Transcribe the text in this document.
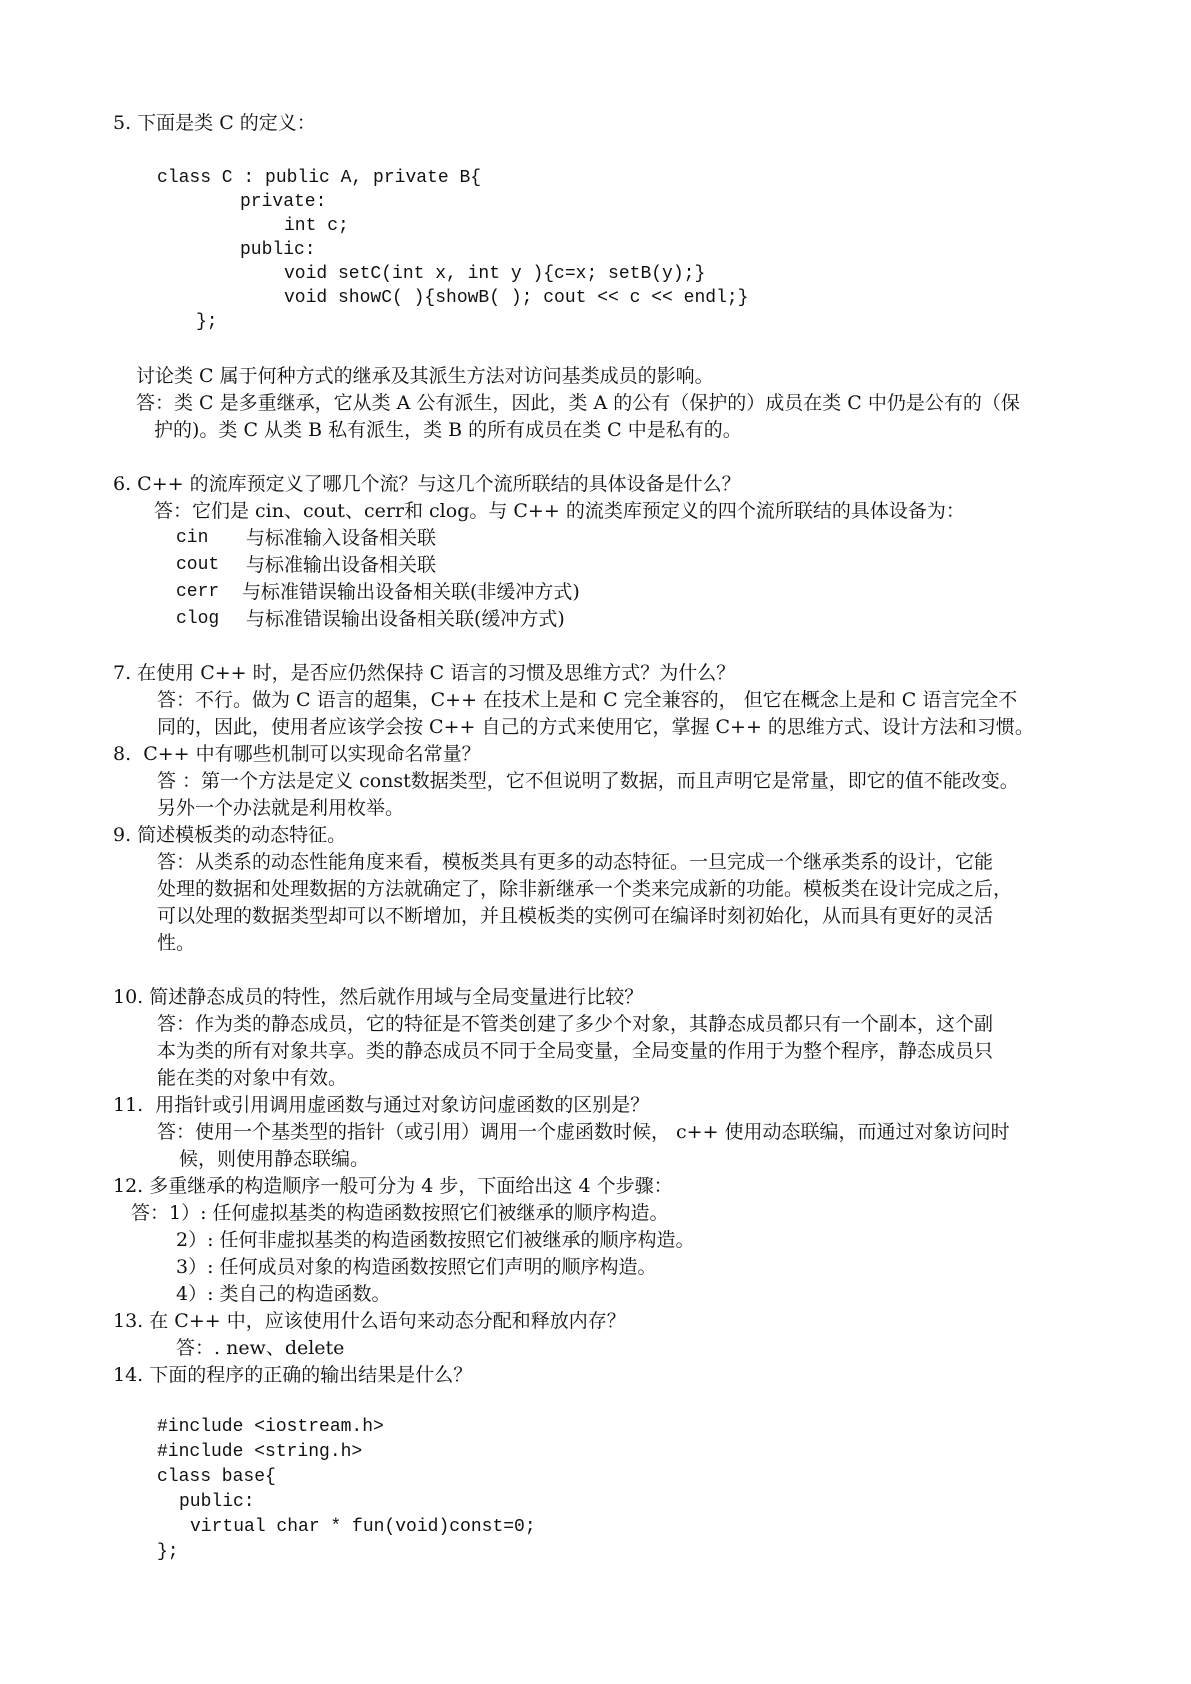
5. 下面是类 C 的定义：
class C : public A, private B{
private:
int c;
public:
void setC(int x, int y ){c=x; setB(y);}
void showC( ){showB( ); cout << c << endl;}
};
讨论类 C 属于何种方式的继承及其派生方法对访问基类成员的影响。
答：类 C 是多重继承，它从类 A 公有派生，因此，类 A 的公有（保护的）成员在类 C 中仍是公有的（保
护的)。类 C 从类 B 私有派生，类 B 的所有成员在类 C 中是私有的。
6. C++ 的流库预定义了哪几个流？与这几个流所联结的具体设备是什么？
答：它们是 cin、cout、cerr和 clog。与 C++ 的流类库预定义的四个流所联结的具体设备为：
cin 与标准输入设备相关联
cout 与标准输出设备相关联
cerr 与标准错误输出设备相关联(非缓冲方式)
clog 与标准错误输出设备相关联(缓冲方式)
7. 在使用 C++ 时，是否应仍然保持 C 语言的习惯及思维方式？为什么？
答：不行。做为 C 语言的超集，C++ 在技术上是和 C 完全兼容的， 但它在概念上是和 C 语言完全不
同的，因此，使用者应该学会按 C++ 自己的方式来使用它，掌握 C++ 的思维方式、设计方法和习惯。
8.  C++ 中有哪些机制可以实现命名常量？
答 ：第一个方法是定义 const数据类型，它不但说明了数据，而且声明它是常量，即它的值不能改变。
另外一个办法就是利用枚举。
9. 简述模板类的动态特征。
答：从类系的动态性能角度来看，模板类具有更多的动态特征。一旦完成一个继承类系的设计，它能
处理的数据和处理数据的方法就确定了，除非新继承一个类来完成新的功能。模板类在设计完成之后，
可以处理的数据类型却可以不断增加，并且模板类的实例可在编译时刻初始化，从而具有更好的灵活
性。
10. 简述静态成员的特性，然后就作用域与全局变量进行比较？
答：作为类的静态成员，它的特征是不管类创建了多少个对象，其静态成员都只有一个副本，这个副
本为类的所有对象共享。类的静态成员不同于全局变量，全局变量的作用于为整个程序，静态成员只
能在类的对象中有效。
11.  用指针或引用调用虚函数与通过对象访问虚函数的区别是？
答：使用一个基类型的指针（或引用）调用一个虚函数时候， c++ 使用动态联编，而通过对象访问时
候，则使用静态联编。
12. 多重继承的构造顺序一般可分为 4 步，下面给出这 4 个步骤：
答：1）: 任何虚拟基类的构造函数按照它们被继承的顺序构造。
2）: 任何非虚拟基类的构造函数按照它们被继承的顺序构造。
3）: 任何成员对象的构造函数按照它们声明的顺序构造。
4）: 类自己的构造函数。
13. 在 C++ 中，应该使用什么语句来动态分配和释放内存？
答：. new、delete
14. 下面的程序的正确的输出结果是什么？
#include <iostream.h>
#include <string.h>
class base{
public:
virtual char * fun(void)const=0;
};
